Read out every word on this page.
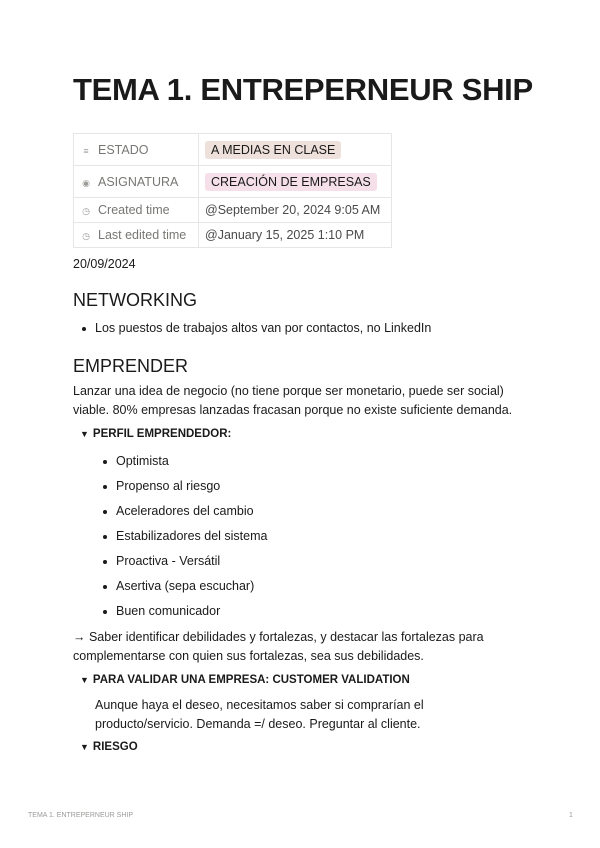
TEMA 1. ENTREPERNEUR SHIP
≡ ESTADO	A MEDIAS EN CLASE
◉ ASIGNATURA	CREACIÓN DE EMPRESAS
◷ Created time	@September 20, 2024 9:05 AM
◷ Last edited time	@January 15, 2025 1:10 PM

20/09/2024

NETWORKING
Los puestos de trabajos altos van por contactos, no LinkedIn
EMPRENDER

Lanzar una idea de negocio (no tiene porque ser monetario, puede ser social) viable. 80% empresas lanzadas fracasan porque no existe suficiente demanda.

▼ PERFIL EMPRENDEDOR:
Optimista
Propenso al riesgo
Aceleradores del cambio
Estabilizadores del sistema
Proactiva - Versátil
Asertiva (sepa escuchar)
Buen comunicador

→ Saber identificar debilidades y fortalezas, y destacar las fortalezas para complementarse con quien sus fortalezas, sea sus debilidades.

▼ PARA VALIDAR UNA EMPRESA: CUSTOMER VALIDATION

Aunque haya el deseo, necesitamos saber si comprarían el producto/servicio. Demanda =/ deseo. Preguntar al cliente.

▼ RIESGO
TEMA 1. ENTREPERNEUR SHIP	1
